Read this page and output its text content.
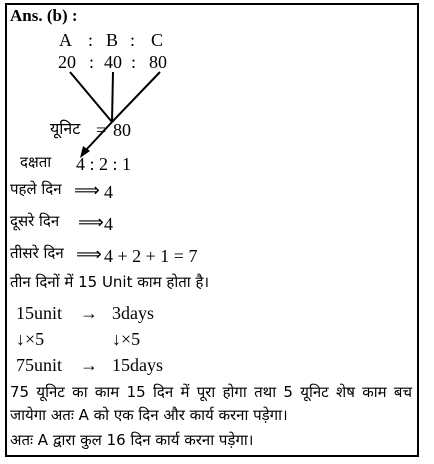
Ans. (b) :
A : B : C
20 : 40 : 80
यूनिट = 80
दक्षता 4 : 2 : 1
पहले दिन ⟹ 4
दूसरे दिन ⟹ 4
तीसरे दिन ⟹ 4 + 2 + 1 = 7
तीन दिनों में 15 Unit काम होता है।
15unit → 3days
↓×5	↓×5
75unit → 15days
75 यूनिट का काम 15 दिन में पूरा होगा तथा 5 यूनिट शेष काम बच जायेगा अतः A को एक दिन और कार्य करना पड़ेगा।
अतः A द्वारा कुल 16 दिन कार्य करना पड़ेगा।
